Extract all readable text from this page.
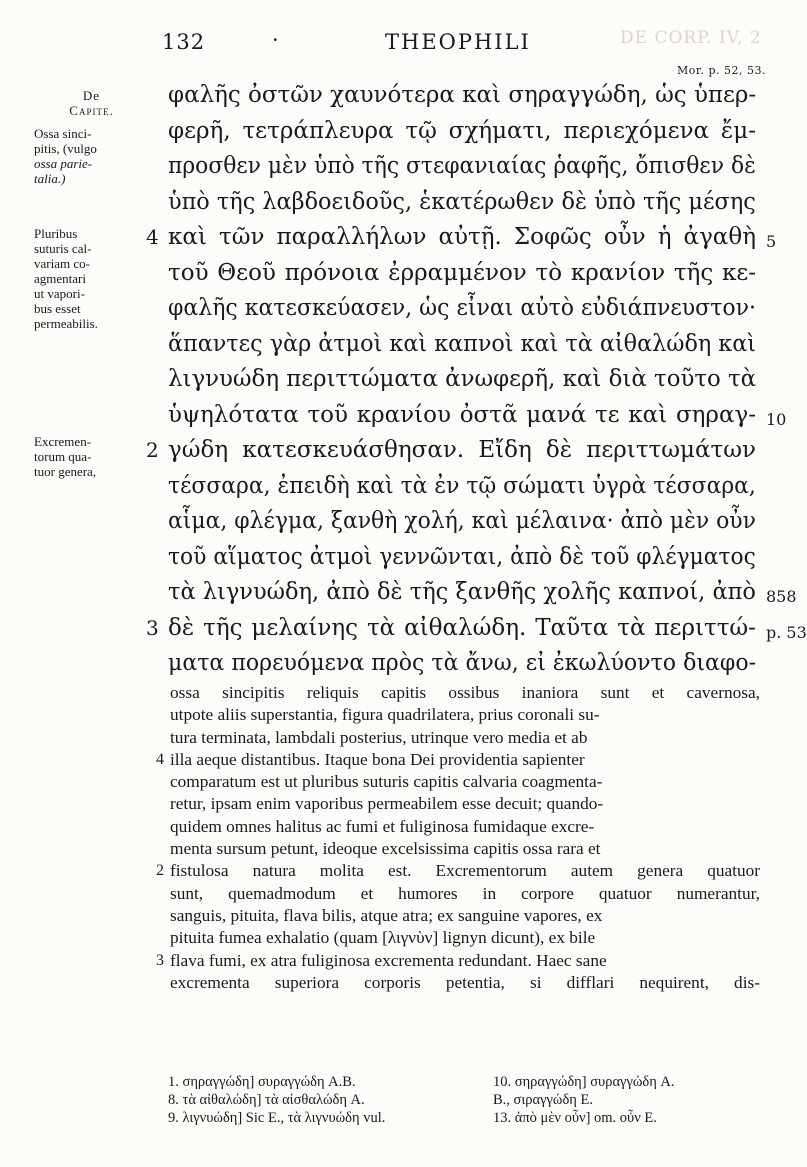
DE CORP. IV, 2
132	·	THEOPHILI
Mor. p. 52, 53.
De
Capite.
Ossa sinci-
pitis, (vulgo
ossa parie-
talia.)
Pluribus
suturis cal-
variam co-
agmentari
ut vapori-
bus esset
permeabilis.
Excremen-
torum qua-
tuor genera,
φαλῆς ὀστῶν χαυνότερα καὶ σηραγγώδη, ὡς ὑπερ-
φερῆ, τετράπλευρα τῷ σχήματι, περιεχόμενα ἔμ-
προσθεν μὲν ὑπὸ τῆς στεφανιαίας ῥαφῆς, ὄπισθεν δὲ
ὑπὸ τῆς λαβδοειδοῦς, ἑκατέρωθεν δὲ ὑπὸ τῆς μέσης
καὶ τῶν παραλλήλων αὐτῇ. Σοφῶς οὖν ἡ ἀγαθὴ
4	5
τοῦ Θεοῦ πρόνοια ἐρραμμένον τὸ κρανίον τῆς κε-
φαλῆς κατεσκεύασεν, ὡς εἶναι αὐτὸ εὐδιάπνευστον·
ἅπαντες γὰρ ἀτμοὶ καὶ καπνοὶ καὶ τὰ αἰθαλώδη καὶ
λιγνυώδη περιττώματα ἀνωφερῆ, καὶ διὰ τοῦτο τὰ
ὑψηλότατα τοῦ κρανίου ὀστᾶ μανά τε καὶ σηραγ- 10
γώδη κατεσκευάσθησαν. Εἴδη δὲ περιττωμάτων
2
τέσσαρα, ἐπειδὴ καὶ τὰ ἐν τῷ σώματι ὑγρὰ τέσσαρα,
αἷμα, φλέγμα, ξανθὴ χολή, καὶ μέλαινα· ἀπὸ μὲν οὖν
τοῦ αἵματος ἀτμοὶ γεννῶνται, ἀπὸ δὲ τοῦ φλέγματος
τὰ λιγνυώδη, ἀπὸ δὲ τῆς ξανθῆς χολῆς καπνοί, ἀπὸ 858
δὲ τῆς μελαίνης τὰ αἰθαλώδη. Ταῦτα τὰ περιττώ-
3	p. 53
ματα πορευόμενα πρὸς τὰ ἄνω, εἰ ἐκωλύοντο διαφο-
ossa sincipitis reliquis capitis ossibus inaniora sunt et cavernosa,
utpote aliis superstantia, figura quadrilatera, prius coronali su-
tura terminata, lambdali posterius, utrinque vero media et ab
illa aeque distantibus. Itaque bona Dei providentia sapienter
4
comparatum est ut pluribus suturis capitis calvaria coagmenta-
retur, ipsam enim vaporibus permeabilem esse decuit; quando-
quidem omnes halitus ac fumi et fuliginosa fumidaque excre-
menta sursum petunt, ideoque excelsissima capitis ossa rara et
fistulosa natura molita est. Excrementorum autem genera quatuor
2
sunt, quemadmodum et humores in corpore quatuor numerantur,
sanguis, pituita, flava bilis, atque atra; ex sanguine vapores, ex
pituita fumea exhalatio (quam [λιγνὺν] lignyn dicunt), ex bile
flava fumi, ex atra fuliginosa excrementa redundant. Haec sane
3
excrementa superiora corporis petentia, si difflari nequirent, dis-
1. σηραγγώδη] συραγγώδη A.B.
8. τὰ αἰθαλώδη] τὰ αἰσθαλώδη A.
9. λιγνυώδη] Sic E., τὰ λιγνυώδη vul.
10. σηραγγώδη] συραγγώδη A.
B., σιραγγώδη E.
13. ἀπὸ μὲν οὖν] om. οὖν E.
